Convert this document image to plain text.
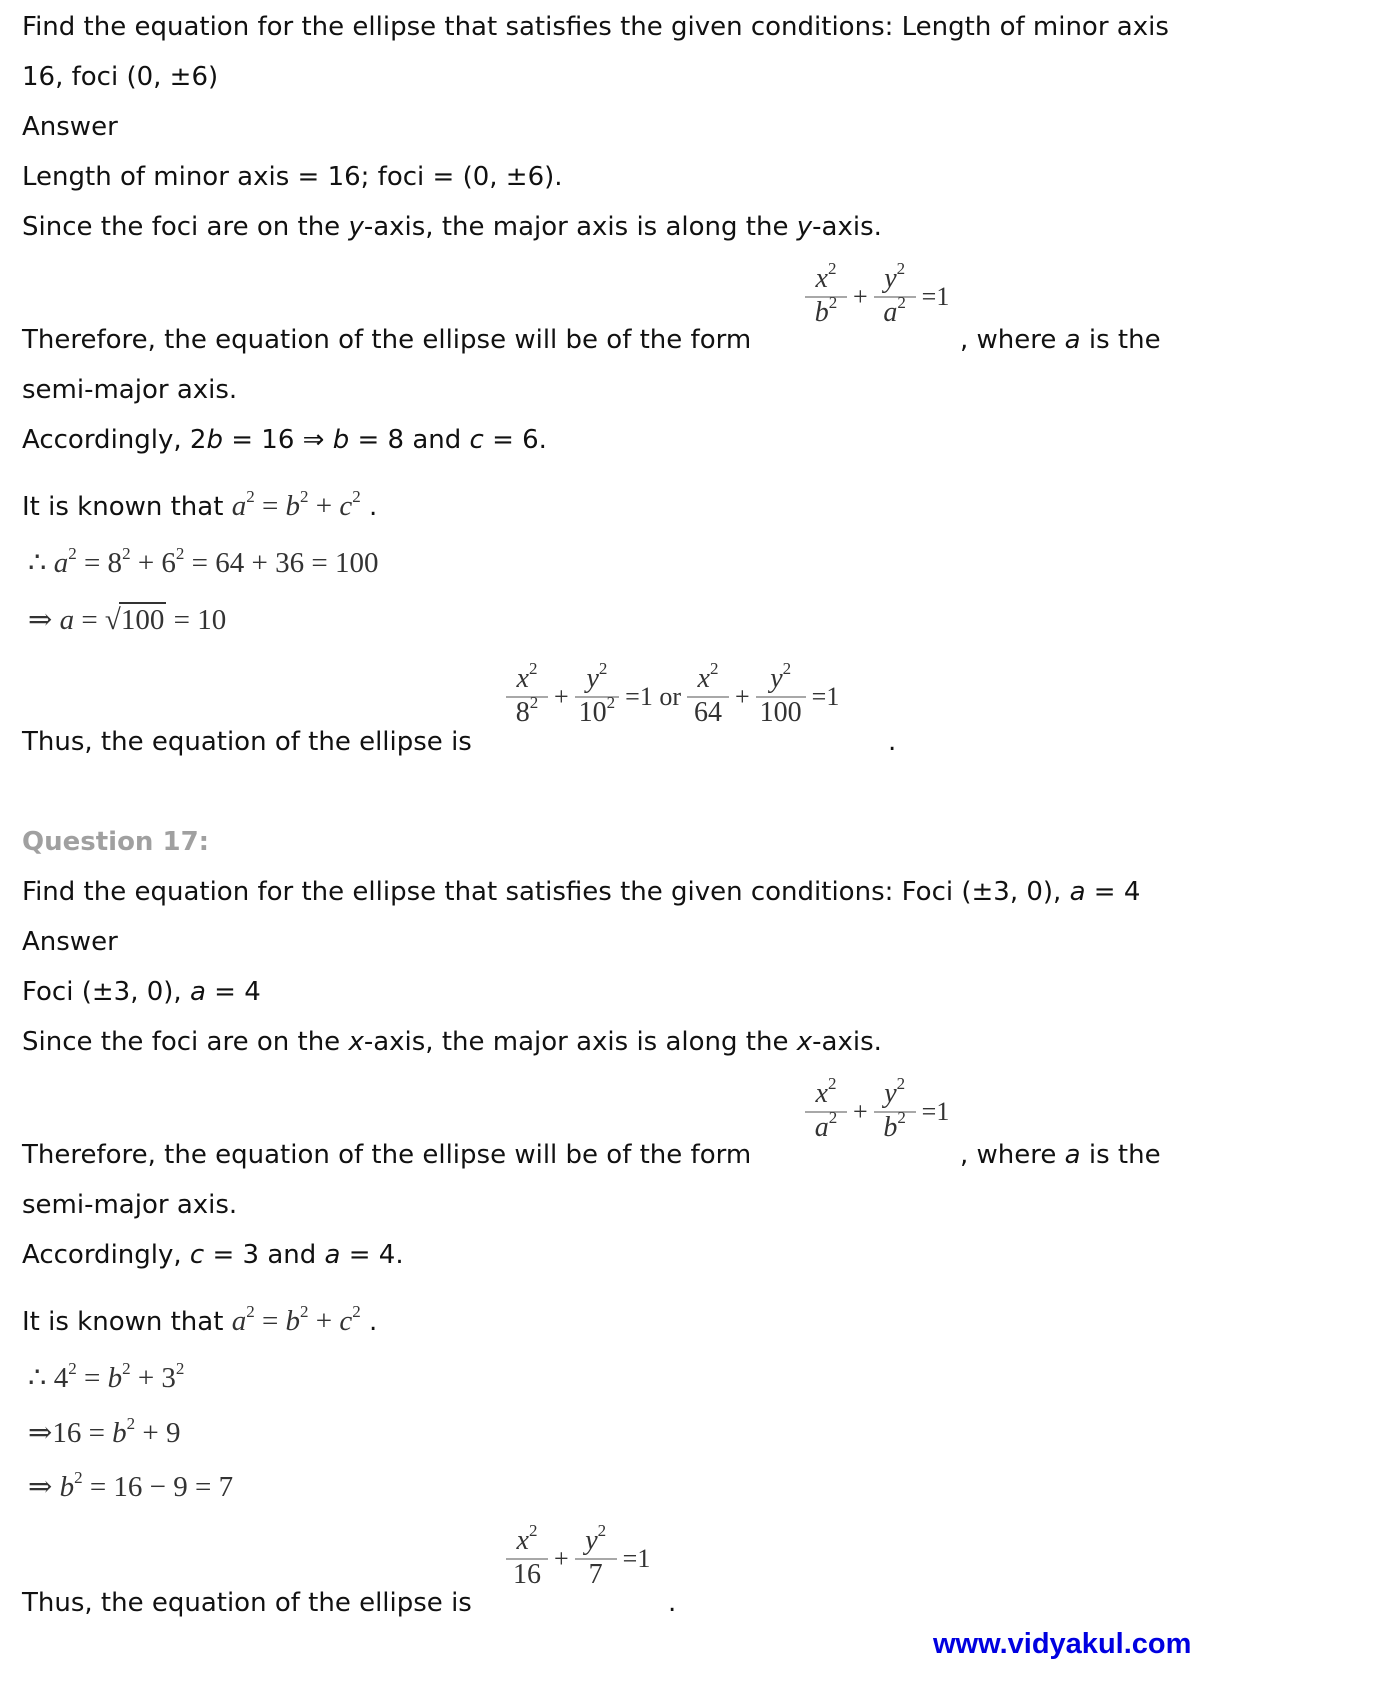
Find the equation for the ellipse that satisfies the given conditions: Length of minor axis
16, foci (0, ±6)
Answer
Length of minor axis = 16; foci = (0, ±6).
Since the foci are on the y-axis, the major axis is along the y-axis.
Therefore, the equation of the ellipse will be of the form
$\frac{x^2}{b^2} + \frac{y^2}{a^2} =1$
, where a is the
semi-major axis.
Accordingly, 2b = 16 ⇒ b = 8 and c = 6.
It is known that $a^2 = b^2 + c^2$ .
∴ $a^2 = 8^2 + 6^2 = 64 + 36 = 100$
⇒ a = √100 = 10
Thus, the equation of the ellipse is
$\frac{x^2}{8^2} + \frac{y^2}{10^2} =1$ or $\frac{x^2}{64} + \frac{y^2}{100} =1$
.
Question 17:
Find the equation for the ellipse that satisfies the given conditions: Foci (±3, 0), a = 4
Answer
Foci (±3, 0), a = 4
Since the foci are on the x-axis, the major axis is along the x-axis.
Therefore, the equation of the ellipse will be of the form
$\frac{x^2}{a^2} + \frac{y^2}{b^2} =1$
, where a is the
semi-major axis.
Accordingly, c = 3 and a = 4.
It is known that $a^2 = b^2 + c^2$ .
∴ $4^2 = b^2 + 3^2$
⇒16 = $b^2 + 9$
⇒ $b^2 = 16 - 9 = 7$
Thus, the equation of the ellipse is
$\frac{x^2}{16} + \frac{y^2}{7} =1$
.
www.vidyakul.com
